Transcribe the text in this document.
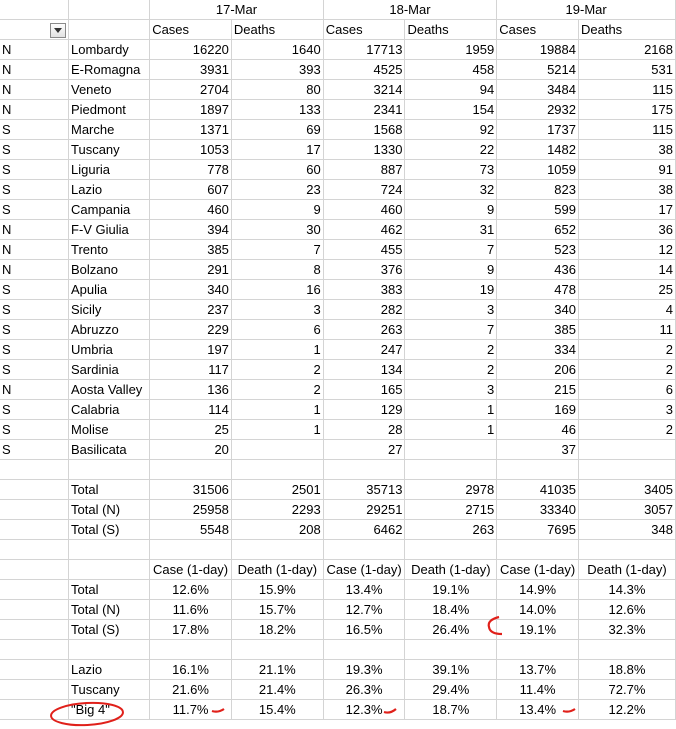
		17-Mar		18-Mar		19-Mar	
		Cases	Deaths	Cases	Deaths	Cases	Deaths
N	Lombardy	16220	1640	17713	1959	19884	2168
N	E-Romagna	3931	393	4525	458	5214	531
N	Veneto	2704	80	3214	94	3484	115
N	Piedmont	1897	133	2341	154	2932	175
S	Marche	1371	69	1568	92	1737	115
S	Tuscany	1053	17	1330	22	1482	38
S	Liguria	778	60	887	73	1059	91
S	Lazio	607	23	724	32	823	38
S	Campania	460	9	460	9	599	17
N	F-V Giulia	394	30	462	31	652	36
N	Trento	385	7	455	7	523	12
N	Bolzano	291	8	376	9	436	14
S	Apulia	340	16	383	19	478	25
S	Sicily	237	3	282	3	340	4
S	Abruzzo	229	6	263	7	385	11
S	Umbria	197	1	247	2	334	2
S	Sardinia	117	2	134	2	206	2
N	Aosta Valley	136	2	165	3	215	6
S	Calabria	114	1	129	1	169	3
S	Molise	25	1	28	1	46	2
S	Basilicata	20		27		37	

	Total	31506	2501	35713	2978	41035	3405
	Total (N)	25958	2293	29251	2715	33340	3057
	Total (S)	5548	208	6462	263	7695	348

		Case (1-day)	Death (1-day)	Case (1-day)	Death (1-day)	Case (1-day)	Death (1-day)
	Total	12.6%	15.9%	13.4%	19.1%	14.9%	14.3%
	Total (N)	11.6%	15.7%	12.7%	18.4%	14.0%	12.6%
	Total (S)	17.8%	18.2%	16.5%	26.4%	19.1%	32.3%

	Lazio	16.1%	21.1%	19.3%	39.1%	13.7%	18.8%
	Tuscany	21.6%	21.4%	26.3%	29.4%	11.4%	72.7%
	"Big 4"	11.7%	15.4%	12.3%	18.7%	13.4%	12.2%
